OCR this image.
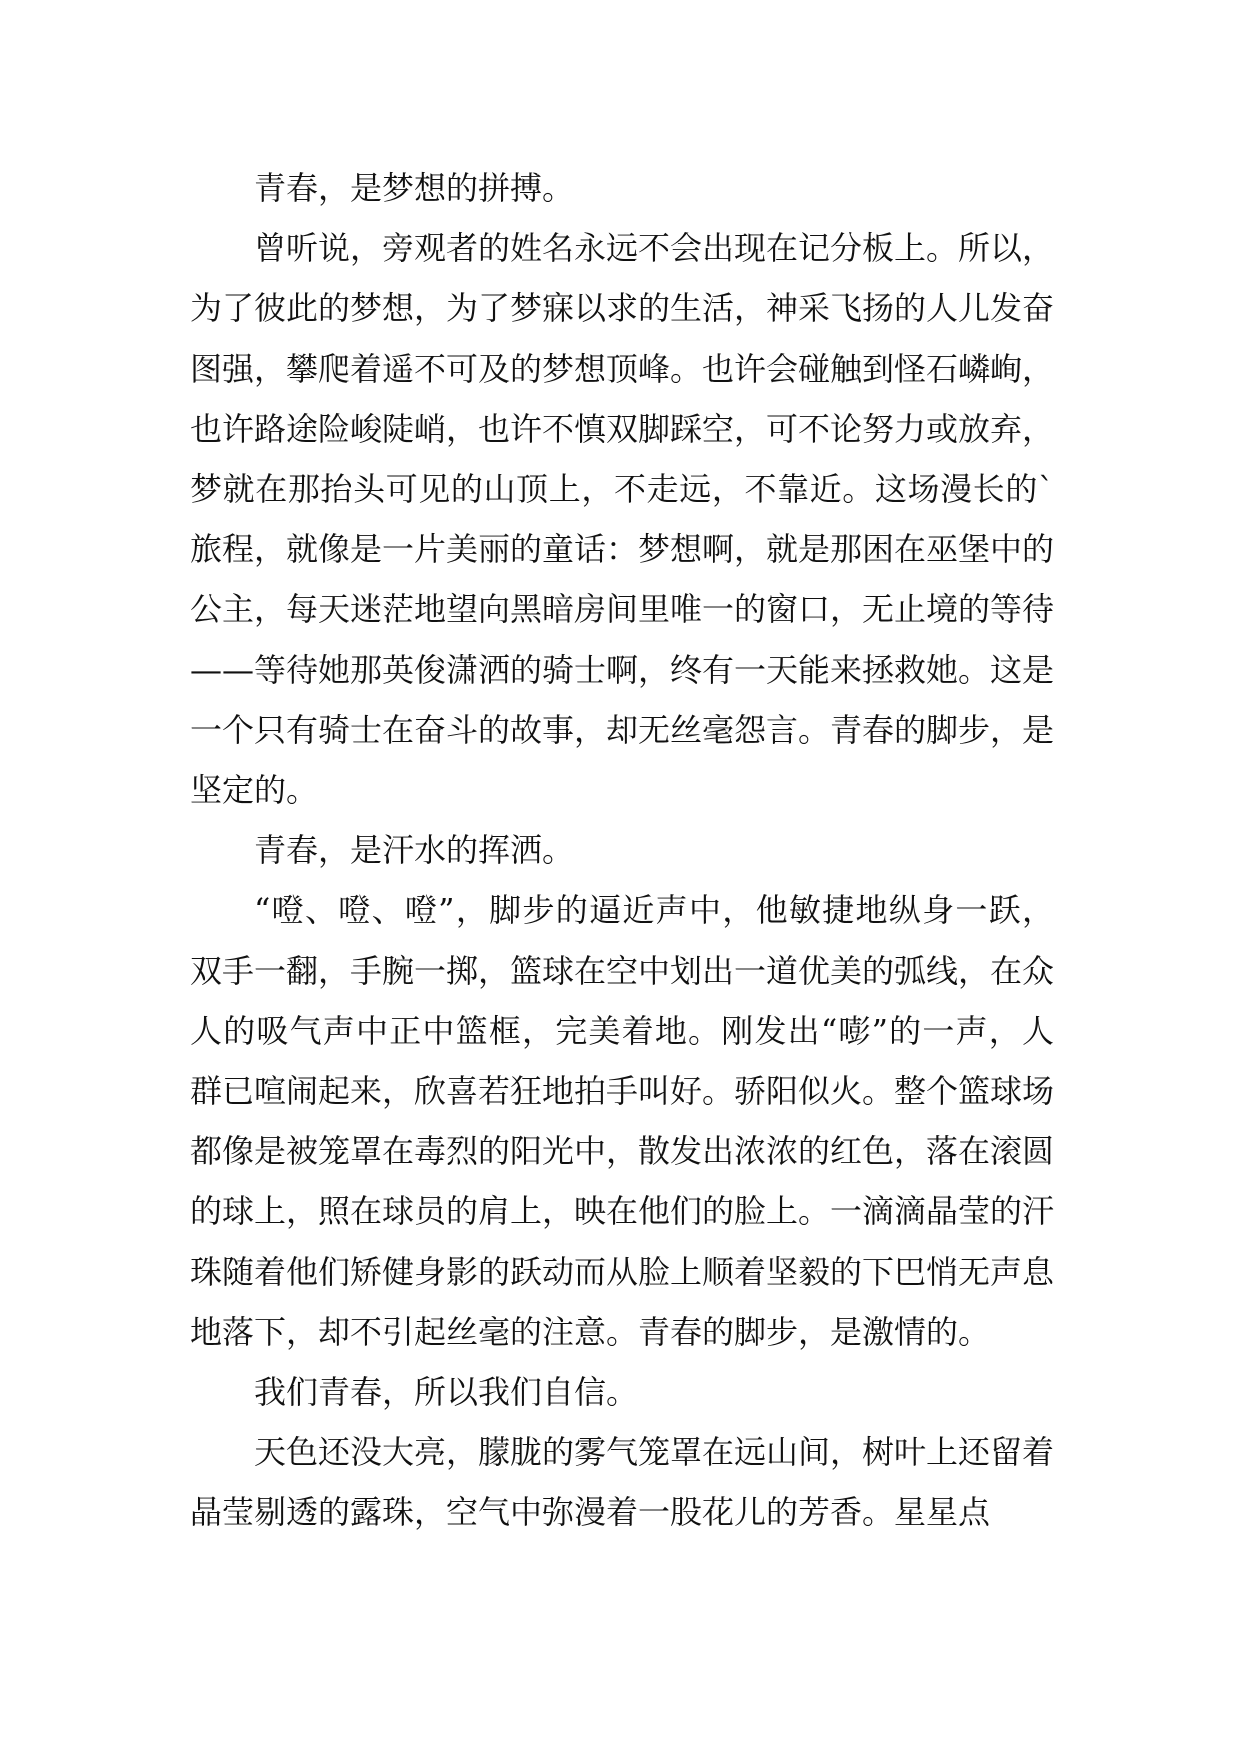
青春，是梦想的拼搏。

曾听说，旁观者的姓名永远不会出现在记分板上。所以，为了彼此的梦想，为了梦寐以求的生活，神采飞扬的人儿发奋图强，攀爬着遥不可及的梦想顶峰。也许会碰触到怪石嶙峋，也许路途险峻陡峭，也许不慎双脚踩空，可不论努力或放弃，梦就在那抬头可见的山顶上，不走远，不靠近。这场漫长的`旅程，就像是一片美丽的童话：梦想啊，就是那困在巫堡中的公主，每天迷茫地望向黑暗房间里唯一的窗口，无止境的等待——等待她那英俊潇洒的骑士啊，终有一天能来拯救她。这是一个只有骑士在奋斗的故事，却无丝毫怨言。青春的脚步，是坚定的。

青春，是汗水的挥洒。

“噔、噔、噔”，脚步的逼近声中，他敏捷地纵身一跃，双手一翻，手腕一掷，篮球在空中划出一道优美的弧线，在众人的吸气声中正中篮框，完美着地。刚发出“嘭”的一声，人群已喧闹起来，欣喜若狂地拍手叫好。骄阳似火。整个篮球场都像是被笼罩在毒烈的阳光中，散发出浓浓的红色，落在滚圆的球上，照在球员的肩上，映在他们的脸上。一滴滴晶莹的汗珠随着他们矫健身影的跃动而从脸上顺着坚毅的下巴悄无声息地落下，却不引起丝毫的注意。青春的脚步，是激情的。

我们青春，所以我们自信。

天色还没大亮，朦胧的雾气笼罩在远山间，树叶上还留着晶莹剔透的露珠，空气中弥漫着一股花儿的芳香。星星点
